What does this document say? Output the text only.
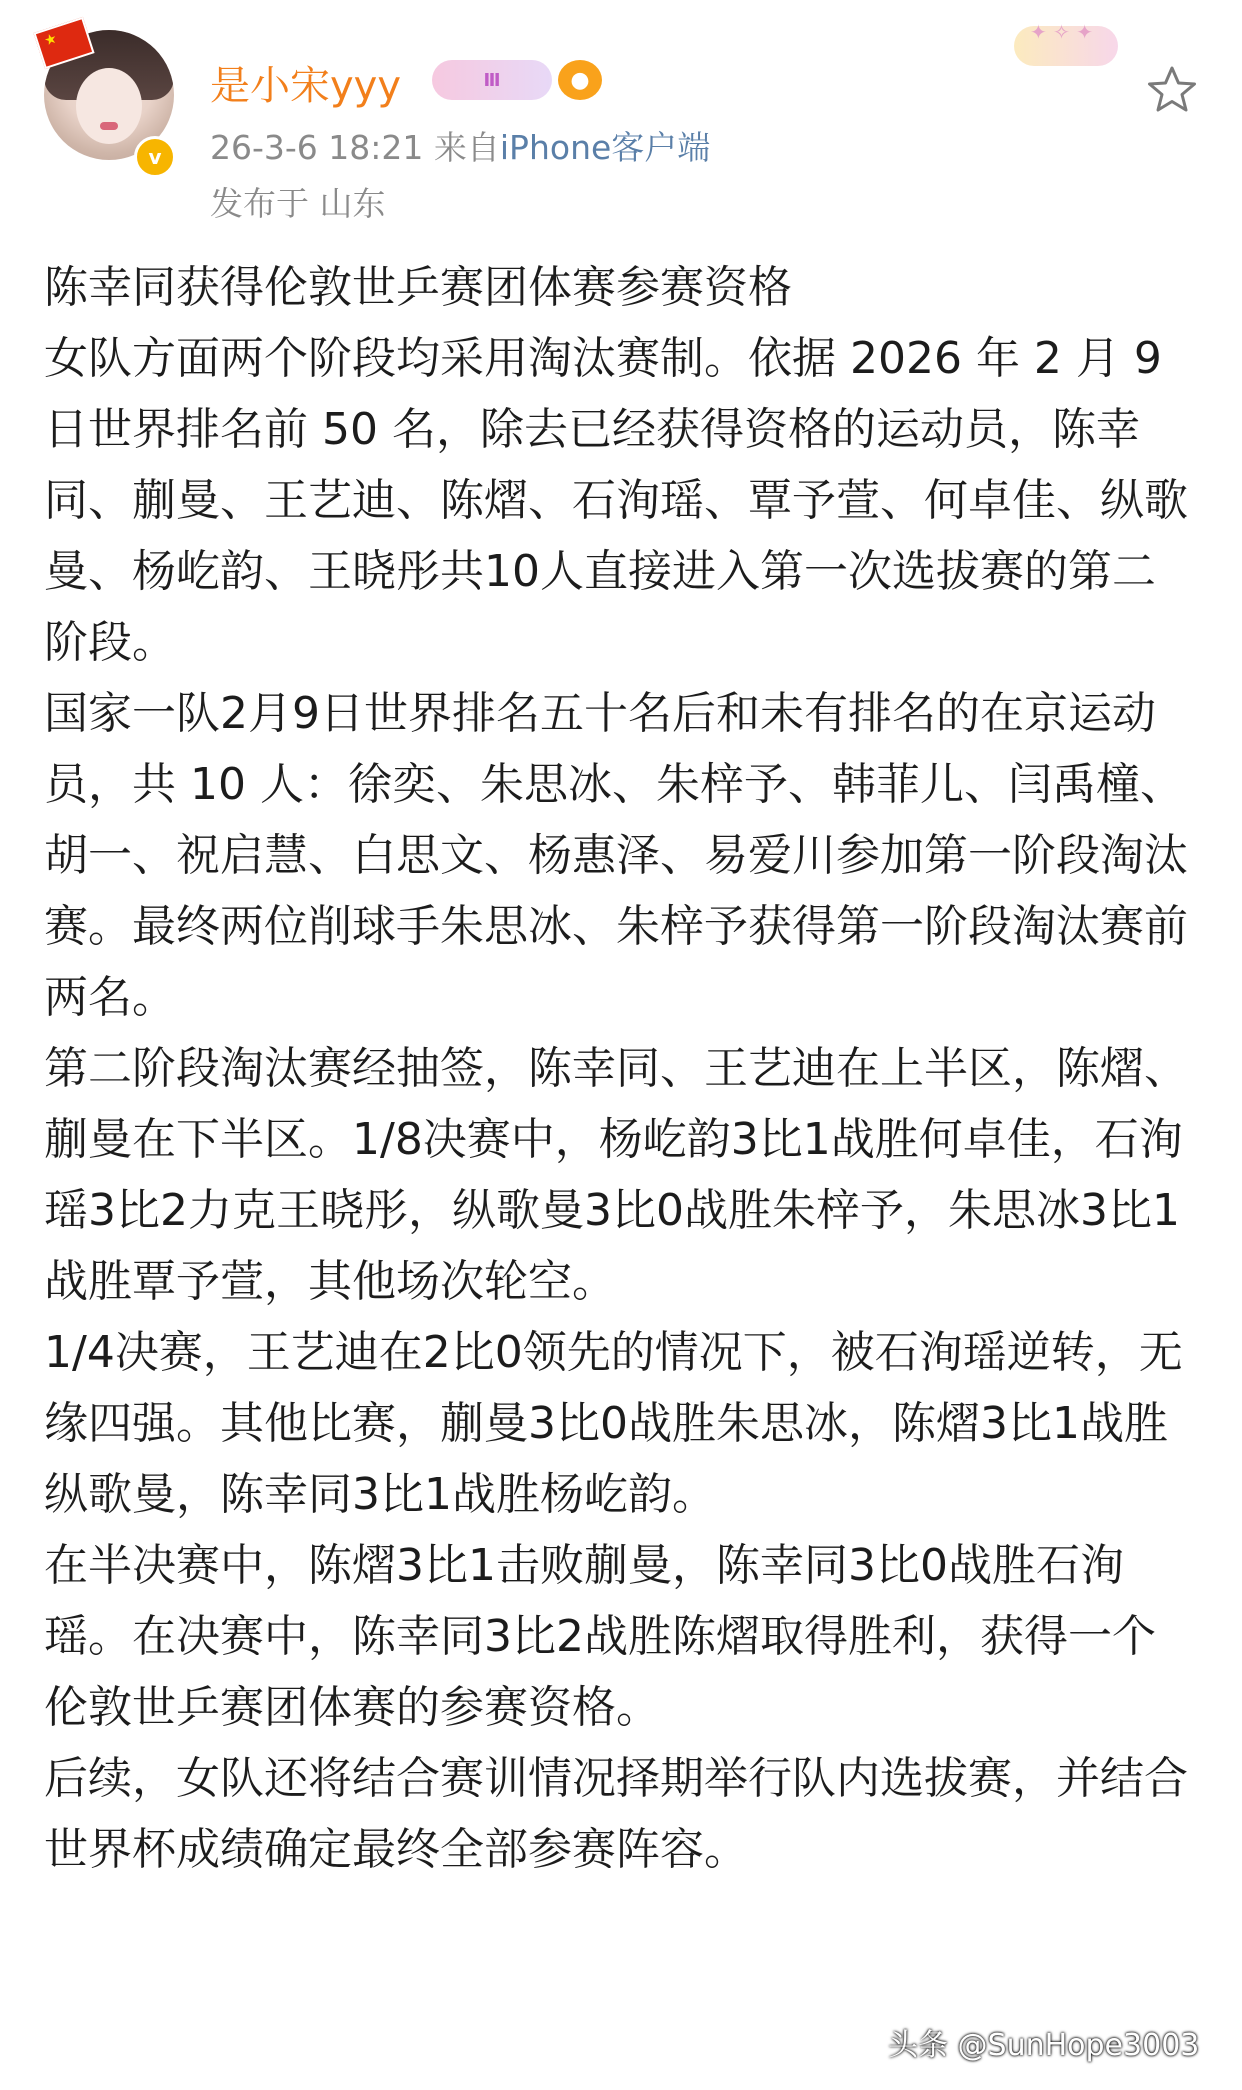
★
v
是小宋yyy	Ⅲ	●
26-3-6 18:21 来自iPhone客户端
发布于 山东
✦ ✧ ✦

陈幸同获得伦敦世乒赛团体赛参赛资格

女队方面两个阶段均采用淘汰赛制。依据 2026 年 2 月 9 日世界排名前 50 名，除去已经获得资格的运动员，陈幸同、蒯曼、王艺迪、陈熠、石洵瑶、覃予萱、何卓佳、纵歌曼、杨屹韵、王晓彤共10人直接进入第一次选拔赛的第二阶段。

国家一队2月9日世界排名五十名后和未有排名的在京运动员，共 10 人：徐奕、朱思冰、朱梓予、韩菲儿、闫禹橦、胡一、祝启慧、白思文、杨惠泽、易爱川参加第一阶段淘汰赛。最终两位削球手朱思冰、朱梓予获得第一阶段淘汰赛前两名。

第二阶段淘汰赛经抽签，陈幸同、王艺迪在上半区，陈熠、蒯曼在下半区。1/8决赛中，杨屹韵3比1战胜何卓佳，石洵瑶3比2力克王晓彤，纵歌曼3比0战胜朱梓予，朱思冰3比1战胜覃予萱，其他场次轮空。

1/4决赛，王艺迪在2比0领先的情况下，被石洵瑶逆转，无缘四强。其他比赛，蒯曼3比0战胜朱思冰，陈熠3比1战胜纵歌曼，陈幸同3比1战胜杨屹韵。

在半决赛中，陈熠3比1击败蒯曼，陈幸同3比0战胜石洵瑶。在决赛中，陈幸同3比2战胜陈熠取得胜利，获得一个伦敦世乒赛团体赛的参赛资格。

后续，女队还将结合赛训情况择期举行队内选拔赛，并结合世界杯成绩确定最终全部参赛阵容。

头条 @SunHope3003
